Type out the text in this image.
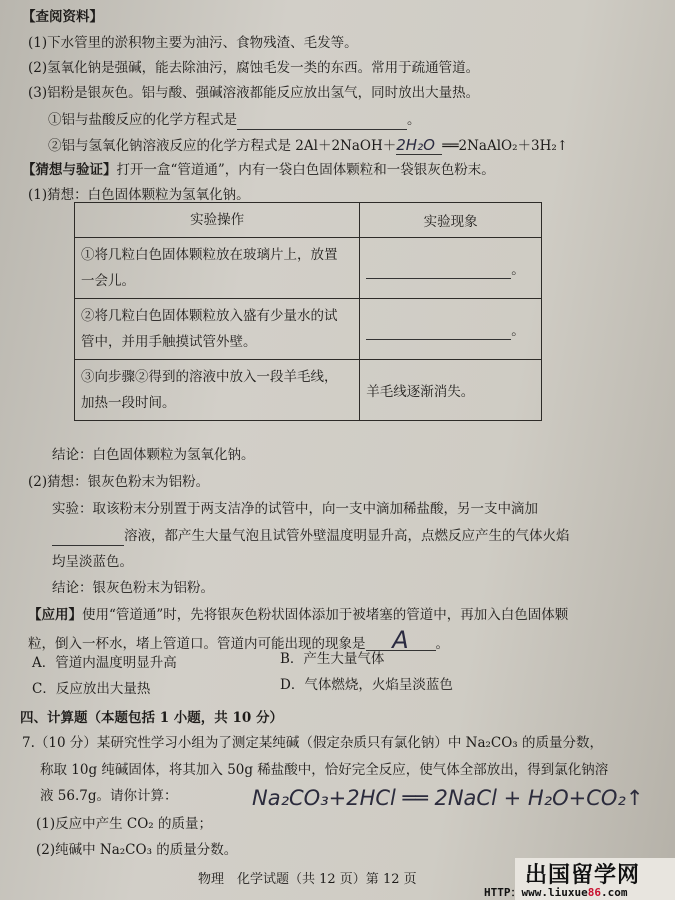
【查阅资料】
(1)下水管里的淤积物主要为油污、食物残渣、毛发等。
(2)氢氧化钠是强碱，能去除油污，腐蚀毛发一类的东西。常用于疏通管道。
(3)铝粉是银灰色。铝与酸、强碱溶液都能反应放出氢气，同时放出大量热。
①铝与盐酸反应的化学方程式是	。
②铝与氢氧化钠溶液反应的化学方程式是 2Al＋2NaOH＋2H₂O ══2NaAlO₂＋3H₂↑
【猜想与验证】打开一盒“管道通”，内有一袋白色固体颗粒和一袋银灰色粉末。
(1)猜想：白色固体颗粒为氢氧化钠。
实验操作	实验现象

①将几粒白色固体颗粒放在玻璃片上，放置
一会儿。	。

②将几粒白色固体颗粒放入盛有少量水的试
管中，并用手触摸试管外壁。	。

③向步骤②得到的溶液中放入一段羊毛线，
加热一段时间。	羊毛线逐渐消失。
结论：白色固体颗粒为氢氧化钠。
(2)猜想：银灰色粉末为铝粉。
实验：取该粉末分别置于两支洁净的试管中，向一支中滴加稀盐酸，另一支中滴加
溶液，都产生大量气泡且试管外壁温度明显升高，点燃反应产生的气体火焰
均呈淡蓝色。
结论：银灰色粉末为铝粉。
【应用】使用“管道通”时，先将银灰色粉状固体添加于被堵塞的管道中，再加入白色固体颗
粒，倒入一杯水，堵上管道口。管道内可能出现的现象是 A 。
A．管道内温度明显升高	B．产生大量气体
C．反应放出大量热	D．气体燃烧，火焰呈淡蓝色
四、计算题（本题包括 1 小题，共 10 分）
7.（10 分）某研究性学习小组为了测定某纯碱（假定杂质只有氯化钠）中 Na₂CO₃ 的质量分数，
称取 10g 纯碱固体，将其加入 50g 稀盐酸中，恰好完全反应，使气体全部放出，得到氯化钠溶
液 56.7g。请你计算：	Na₂CO₃+2HCl ══ 2NaCl + H₂O+CO₂↑
(1)反应中产生 CO₂ 的质量；
(2)纯碱中 Na₂CO₃ 的质量分数。
物理　化学试题（共 12 页）第 12 页	出国留学网
HTTP：www.liuxue86.com
